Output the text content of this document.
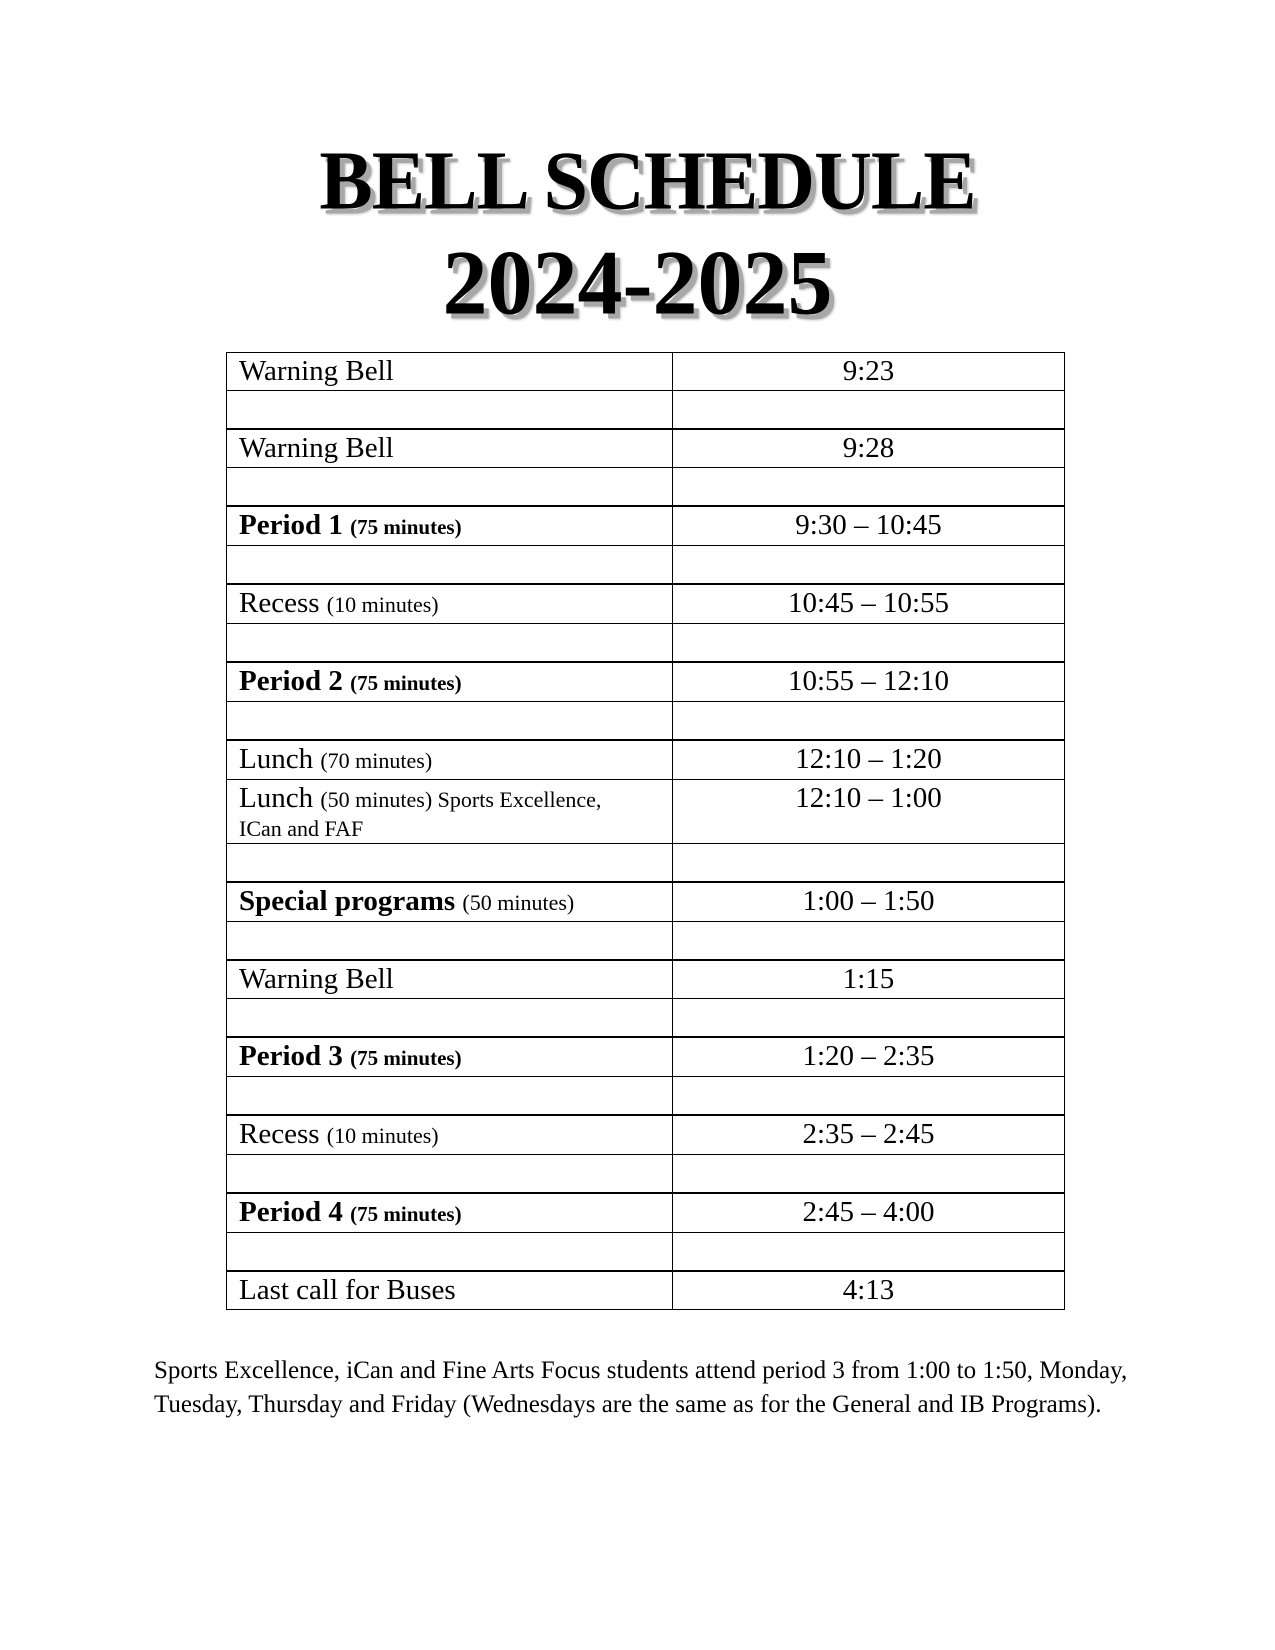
BELL SCHEDULE
2024-2025
Warning Bell	9:23

Warning Bell	9:28

Period 1 (75 minutes)	9:30 – 10:45

Recess (10 minutes)	10:45 – 10:55

Period 2 (75 minutes)	10:55 – 12:10

Lunch (70 minutes)	12:10 – 1:20
Lunch (50 minutes) Sports Excellence,
ICan and FAF	12:10 – 1:00

Special programs (50 minutes)	1:00 – 1:50

Warning Bell	1:15

Period 3 (75 minutes)	1:20 – 2:35

Recess (10 minutes)	2:35 – 2:45

Period 4 (75 minutes)	2:45 – 4:00

Last call for Buses	4:13

Sports Excellence, iCan and Fine Arts Focus students attend period 3 from 1:00 to 1:50, Monday, Tuesday, Thursday and Friday (Wednesdays are the same as for the General and IB Programs).
